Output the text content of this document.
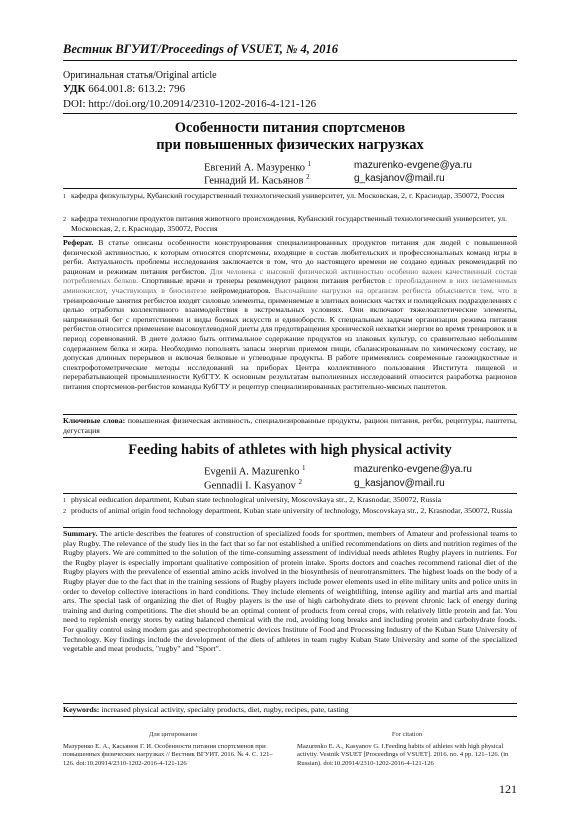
Вестник ВГУИТ/Proceedings of VSUET, № 4, 2016
Оригинальная статья/Original article
УДК 664.001.8: 613.2: 796
DOI: http://doi.org/10.20914/2310-1202-2016-4-121-126
Особенности питания спортсменов
при повышенных физических нагрузках
Евгений А. Мазуренко $^1$	mazurenko-evgene@ya.ru
Геннадий И. Касьянов $^2$	g_kasjanov@mail.ru
1 кафедра физкультуры, Кубанский государственный технологический университет, ул. Московская, 2, г. Краснодар, 350072, Россия
2 кафедра технологии продуктов питания животного происхождения, Кубанский государственный технологический университет, ул. Московская, 2, г. Краснодар, 350072, Россия
Реферат. В статье описаны особенности конструирования специализированных продуктов питания для людей с повышенной физической активностью, к которым относятся спортсмены, входящие в состав любительских и профессиональных команд игры в регби. Актуальность проблемы исследования заключается в том, что до настоящего времени не создано единых рекомендаций по рационам и режимам питания регбистов. Для человека с высокой физической активностью особенно важен качественный состав потребляемых белков. Спортивные врачи и тренеры рекомендуют рацион питания регбистов с преобладанием в них незаменимых аминокислот, участвующих в биосинтезе нейромедиаторов. Высочайшие нагрузки на организм регбиста объясняется тем, что в тренировочные занятия регбистов входят силовые элементы, применяемые в элитных воинских частях и полицейских подразделениях с целью отработки коллективного взаимодействия в экстремальных условиях. Они включают тяжелоатлетические элементы, напряженный бег с препятствиями и виды боевых искусств и единоборств. К специальным задачам организации режима питания регбистов относится применение высокоуглеводной диеты для предотвращения хронической нехватки энергии во время тренировок и в период соревнований. В диете должно быть оптимальное содержание продуктов из злаковых культур, со сравнительно небольшим содержанием белка и жира. Необходимо пополнять запасы энергии приемом пищи, сбалансированным по химическому составу, не допуская длинных перерывов и включая белковые и углеводные продукты. В работе применялись современные газожидкостные и спектрофотометрические методы исследований на приборах Центра коллективного пользования Института пищевой и перерабатывающей промышленности КубГТУ. К основным результатам выполненных исследований относится разработка рационов питания спортсменов-регбистов команды КубГТУ и рецептур специализированных растительно-мясных паштетов.
Ключевые слова: повышенная физическая активность, специализированные продукты, рацион питания, регби, рецептуры, паштеты, дегустация
Feeding habits of athletes with high physical activity
Evgenii A. Mazurenko $^1$	mazurenko-evgene@ya.ru
Gennadii I. Kasyanov $^2$	g_kasjanov@mail.ru
1 physical eeducation department, Kuban state technological university, Moscovskaya str., 2, Krasnodar, 350072, Russia
2 products of animal origin food technology department, Kuban state university of technology, Moscovskaya str., 2, Krasnodar, 350072, Russia
Summary. The article describes the features of construction of specialized foods for sportmen, members of Amateur and professional teams to play Rugby. The relevance of the study lies in the fact that so far not established a unified recommendations on diets and nutrition regimes of the Rugby players. We are committed to the solution of the time-consuming assessment of individual needs athletes Rugby players in nutrients. For the Rugby player is especially important qualitative composition of protein intake. Sports doctors and coaches recommend rational diet of the Rugby players with the prevalence of essential amino acids involved in the biosynthesis of neurotransmitters. The highest loads on the body of a Rugby player due to the fact that in the training sessions of Rugby players include power elements used in elite military units and police units in order to develop collective interactions in hard conditions. They include elements of weightlifting, intense agility and martial arts and martial arts. The special task of organizing the diet of Rugby players is the use of high carbohydrate diets to prevent chronic lack of energy during training and during competitions. The diet should be an optimal content of products from cereal crops, with relatively little protein and fat. You need to replenish energy stores by eating balanced chemical with the rod, avoiding long breaks and including protein and carbohydrate foods. For quality control using modern gas and spectrophotometric devices Institute of Food and Processing Industry of the Kuban State University of Technology. Key findings include the development of the diets of athletes in team rugby Kuban State University and some of the specialized vegetable and meat products, "rugby" and "Sport".
Keywords: increased physical activity, specialty products, diet, rugby, recipes, pate, tasting
Для цитирования	For citation
Мазуренко Е. А., Касьянов Г. И. Особенности питания спортсменов при повышенных физических нагрузках // Вестник ВГУИТ. 2016. № 4. С. 121–126. doi:10.20914/2310-1202-2016-4-121-126
Mazurenko E. A., Kasyanov G. I.Feeding habits of athletes with high physical activity. Vestnik VSUET [Proceedings of VSUET]. 2016. no. 4 pp. 121–126. (in Russian). doi:10.20914/2310-1202-2016-4-121-126
121
